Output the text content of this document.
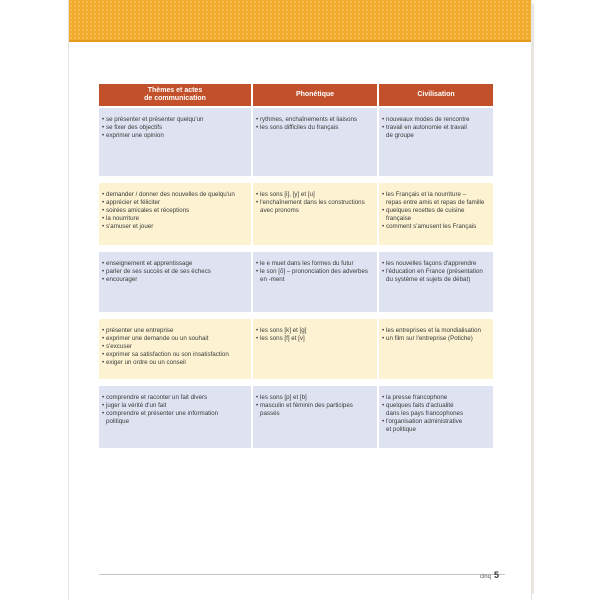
Thèmes et actes
de communication
Phonétique	Civilisation
• se présenter et présenter quelqu'un
• se fixer des objectifs
• exprimer une opinion
• rythmes, enchaînements et liaisons
• les sons difficiles du français
• nouveaux modes de rencontre
• travail en autonomie et travail
de groupe
• demander / donner des nouvelles de quelqu'un
• apprécier et féliciter
• soirées amicales et réceptions
• la nourriture
• s'amuser et jouer
• les sons [i], [y] et [u]
• l'enchaînement dans les constructions
avec pronoms
• les Français et la nourriture –
repas entre amis et repas de famille
• quelques recettes de cuisine
française
• comment s'amusent les Français
• enseignement et apprentissage
• parler de ses succès et de ses échecs
• encourager
• le e muet dans les formes du futur
• le son [õ] – prononciation des adverbes
en -ment
• les nouvelles façons d'apprendre
• l'éducation en France (présentation
du système et sujets de débat)
• présenter une entreprise
• exprimer une demande ou un souhait
• s'excuser
• exprimer sa satisfaction ou son insatisfaction
• exiger un ordre ou un conseil
• les sons [k] et [g]
• les sons [f] et [v]
• les entreprises et la mondialisation
• un film sur l'entreprise (Potiche)
• comprendre et raconter un fait divers
• juger la vérité d'un fait
• comprendre et présenter une information
politique
• les sons [p] et [b]
• masculin et féminin des participes
passés
• la presse francophone
• quelques faits d'actualité
dans les pays francophones
• l'organisation administrative
et politique
cinq 5
